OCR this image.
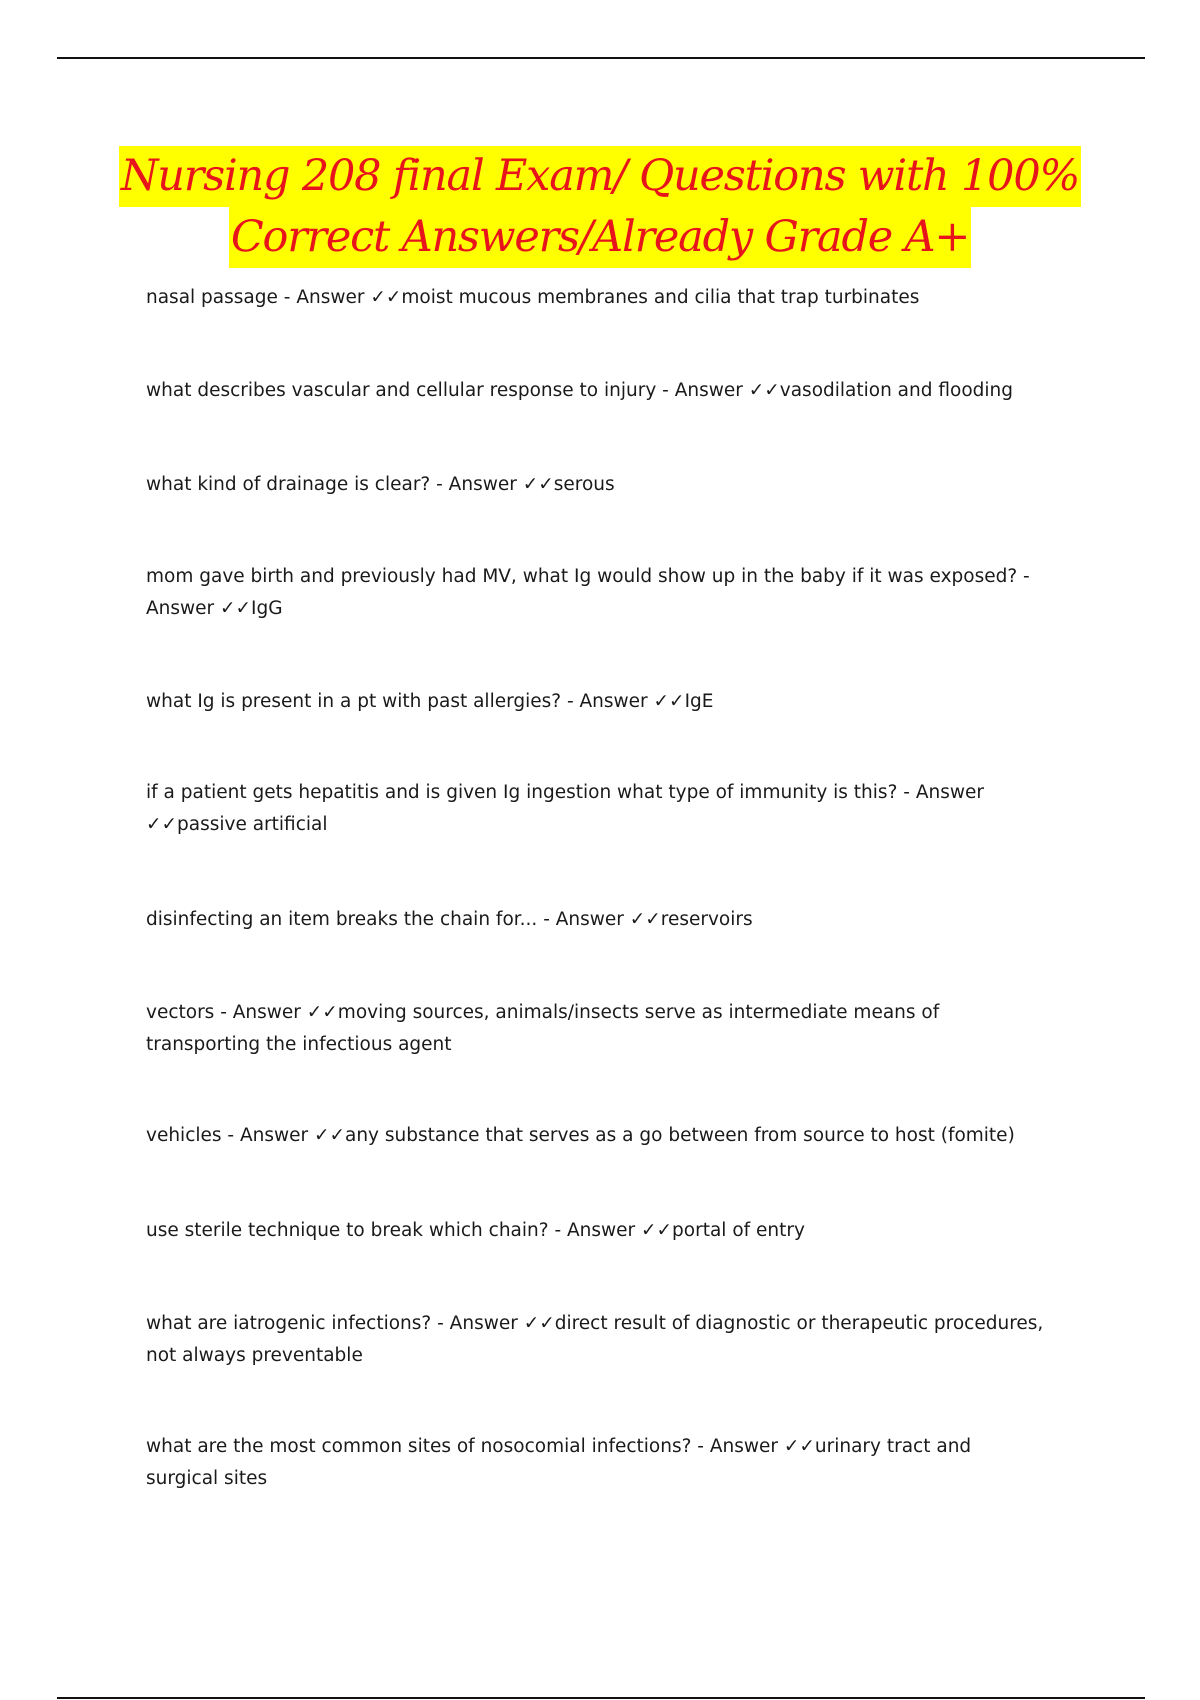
Nursing 208 final Exam/ Questions with 100%
Correct Answers/Already Grade A+
nasal passage - Answer ✓✓moist mucous membranes and cilia that trap turbinates
what describes vascular and cellular response to injury - Answer ✓✓vasodilation and flooding
what kind of drainage is clear? - Answer ✓✓serous
mom gave birth and previously had MV, what Ig would show up in the baby if it was exposed? - Answer ✓✓IgG
what Ig is present in a pt with past allergies? - Answer ✓✓IgE
if a patient gets hepatitis and is given Ig ingestion what type of immunity is this? - Answer ✓✓passive artificial
disinfecting an item breaks the chain for... - Answer ✓✓reservoirs
vectors - Answer ✓✓moving sources, animals/insects serve as intermediate means of transporting the infectious agent
vehicles - Answer ✓✓any substance that serves as a go between from source to host (fomite)
use sterile technique to break which chain? - Answer ✓✓portal of entry
what are iatrogenic infections? - Answer ✓✓direct result of diagnostic or therapeutic procedures, not always preventable
what are the most common sites of nosocomial infections? - Answer ✓✓urinary tract and surgical sites
